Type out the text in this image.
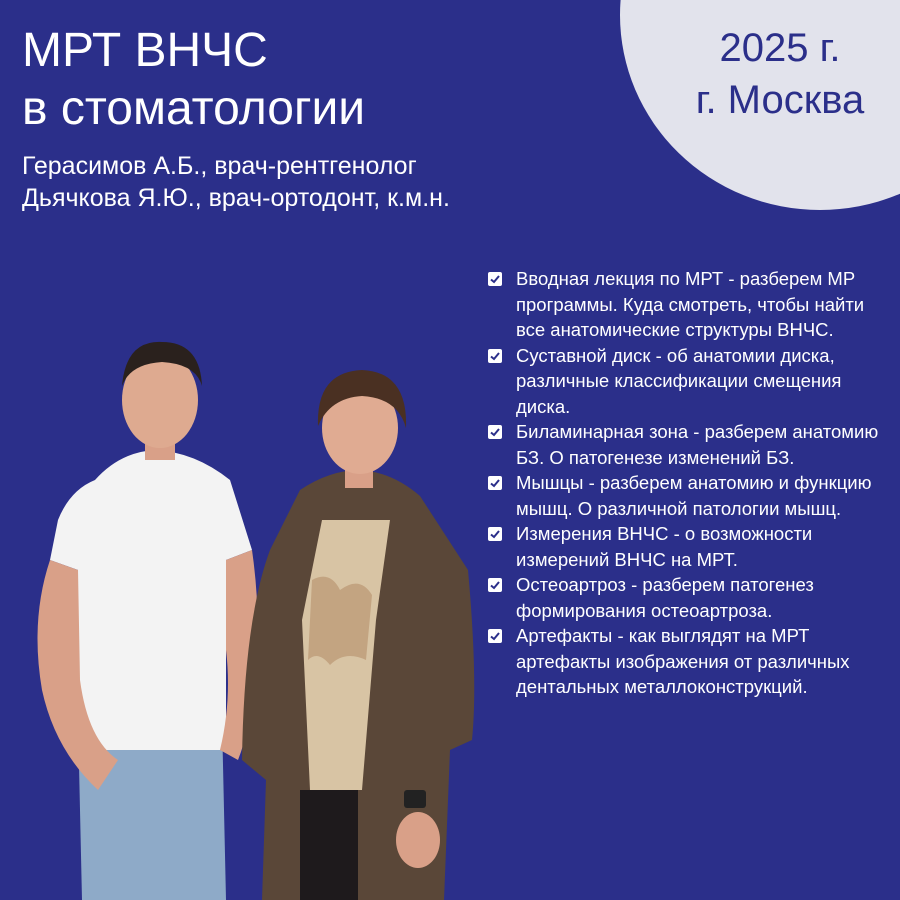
2025 г.
г. Москва
МРТ ВНЧС
в стоматологии
Герасимов А.Б., врач-рентгенолог
Дьячкова Я.Ю., врач-ортодонт, к.м.н.
Вводная лекция по МРТ - разберем МР программы. Куда смотреть, чтобы найти все анатомические структуры ВНЧС.
Суставной диск - об анатомии диска, различные классификации смещения диска.
Биламинарная зона - разберем анатомию БЗ. О патогенезе изменений БЗ.
Мышцы - разберем анатомию и функцию мышц. О различной патологии мышц.
Измерения ВНЧС - о возможности измерений ВНЧС на МРТ.
Остеоартроз - разберем патогенез формирования остеоартроза.
Артефакты - как выглядят на МРТ артефакты изображения от различных дентальных металлоконструкций.
